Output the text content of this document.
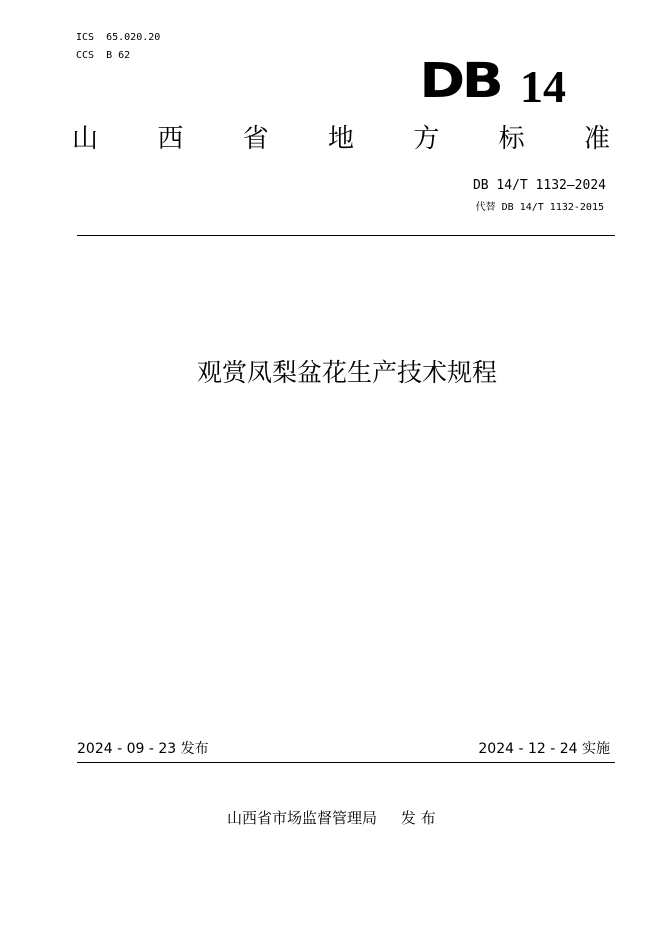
ICS  65.020.20
CCS  B 62	DB 14
山 西 省 地 方 标 准
DB 14/T 1132—2024
代替 DB 14/T 1132-2015
观赏凤梨盆花生产技术规程
2024 - 09 - 23 发布	2024 - 12 - 24 实施
山西省市场监督管理局     发 布
